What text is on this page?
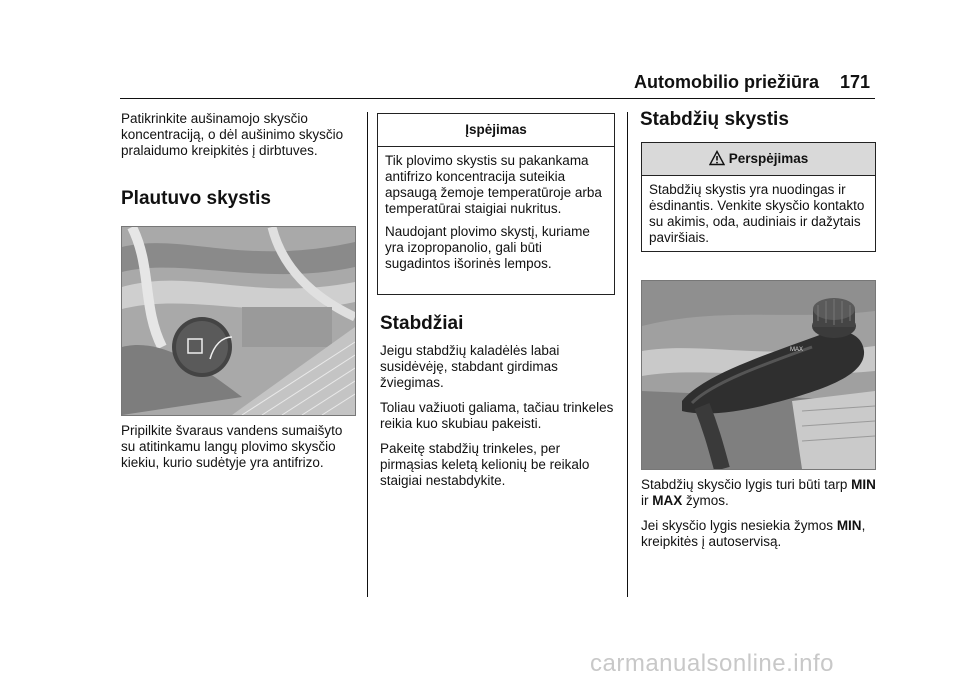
Automobilio priežiūra 171

Patikrinkite aušinamojo skysčio koncentraciją, o dėl aušinimo skysčio pralaidumo kreipkitės į dirbtuves.

Plautuvo skystis

Pripilkite švaraus vandens sumaišyto su atitinkamu langų plovimo skysčio kiekiu, kurio sudėtyje yra antifrizo.

Įspėjimas

Tik plovimo skystis su pakankama antifrizo koncentracija suteikia apsaugą žemoje temperatūroje arba temperatūrai staigiai nukritus.

Naudojant plovimo skystį, kuriame yra izopropanolio, gali būti sugadintos išorinės lempos.

Stabdžiai

Jeigu stabdžių kaladėlės labai susidėvėję, stabdant girdimas žviegimas.

Toliau važiuoti galiama, tačiau trinkeles reikia kuo skubiau pakeisti.

Pakeitę stabdžių trinkeles, per pirmąsias keletą kelionių be reikalo staigiai nestabdykite.

Stabdžių skystis
Perspėjimas

Stabdžių skystis yra nuodingas ir ėsdinantis. Venkite skysčio kontakto su akimis, oda, audiniais ir dažytais paviršiais.

MAX

Stabdžių skysčio lygis turi būti tarp MIN ir MAX žymos.

Jei skysčio lygis nesiekia žymos MIN, kreipkitės į autoservisą.

carmanualsonline.info
